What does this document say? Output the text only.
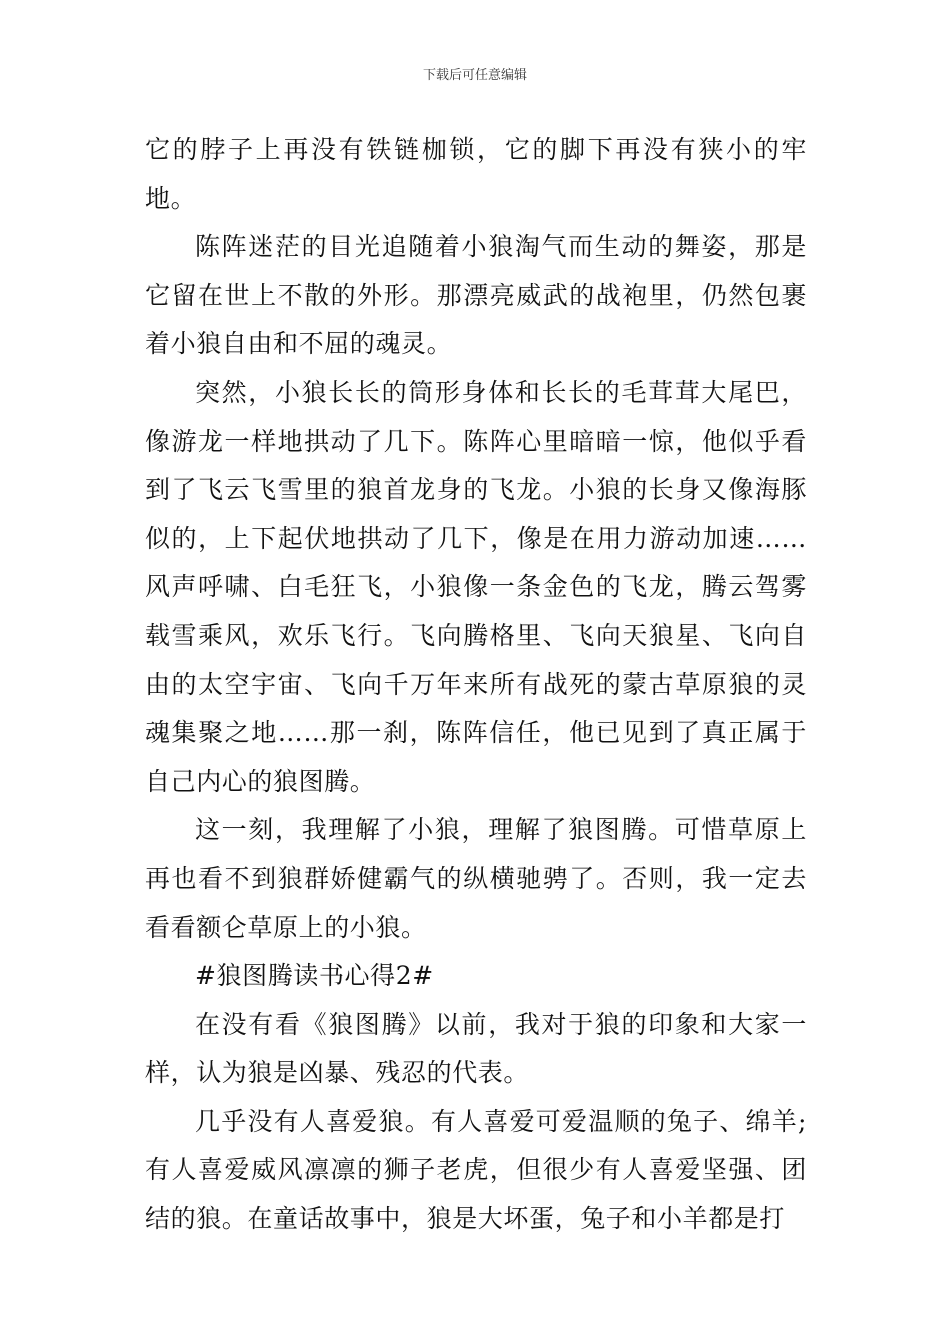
下载后可任意编辑

它的脖子上再没有铁链枷锁，它的脚下再没有狭小的牢地。

陈阵迷茫的目光追随着小狼淘气而生动的舞姿，那是它留在世上不散的外形。那漂亮威武的战袍里，仍然包裹着小狼自由和不屈的魂灵。

突然，小狼长长的筒形身体和长长的毛茸茸大尾巴，像游龙一样地拱动了几下。陈阵心里暗暗一惊，他似乎看到了飞云飞雪里的狼首龙身的飞龙。小狼的长身又像海豚似的，上下起伏地拱动了几下，像是在用力游动加速……风声呼啸、白毛狂飞，小狼像一条金色的飞龙，腾云驾雾载雪乘风，欢乐飞行。飞向腾格里、飞向天狼星、飞向自由的太空宇宙、飞向千万年来所有战死的蒙古草原狼的灵魂集聚之地……那一刹，陈阵信任，他已见到了真正属于自己内心的狼图腾。

这一刻，我理解了小狼，理解了狼图腾。可惜草原上再也看不到狼群娇健霸气的纵横驰骋了。否则，我一定去看看额仑草原上的小狼。

#狼图腾读书心得2#

在没有看《狼图腾》以前，我对于狼的印象和大家一样，认为狼是凶暴、残忍的代表。

几乎没有人喜爱狼。有人喜爱可爱温顺的兔子、绵羊;有人喜爱威风凛凛的狮子老虎，但很少有人喜爱坚强、团结的狼。在童话故事中，狼是大坏蛋，兔子和小羊都是打
